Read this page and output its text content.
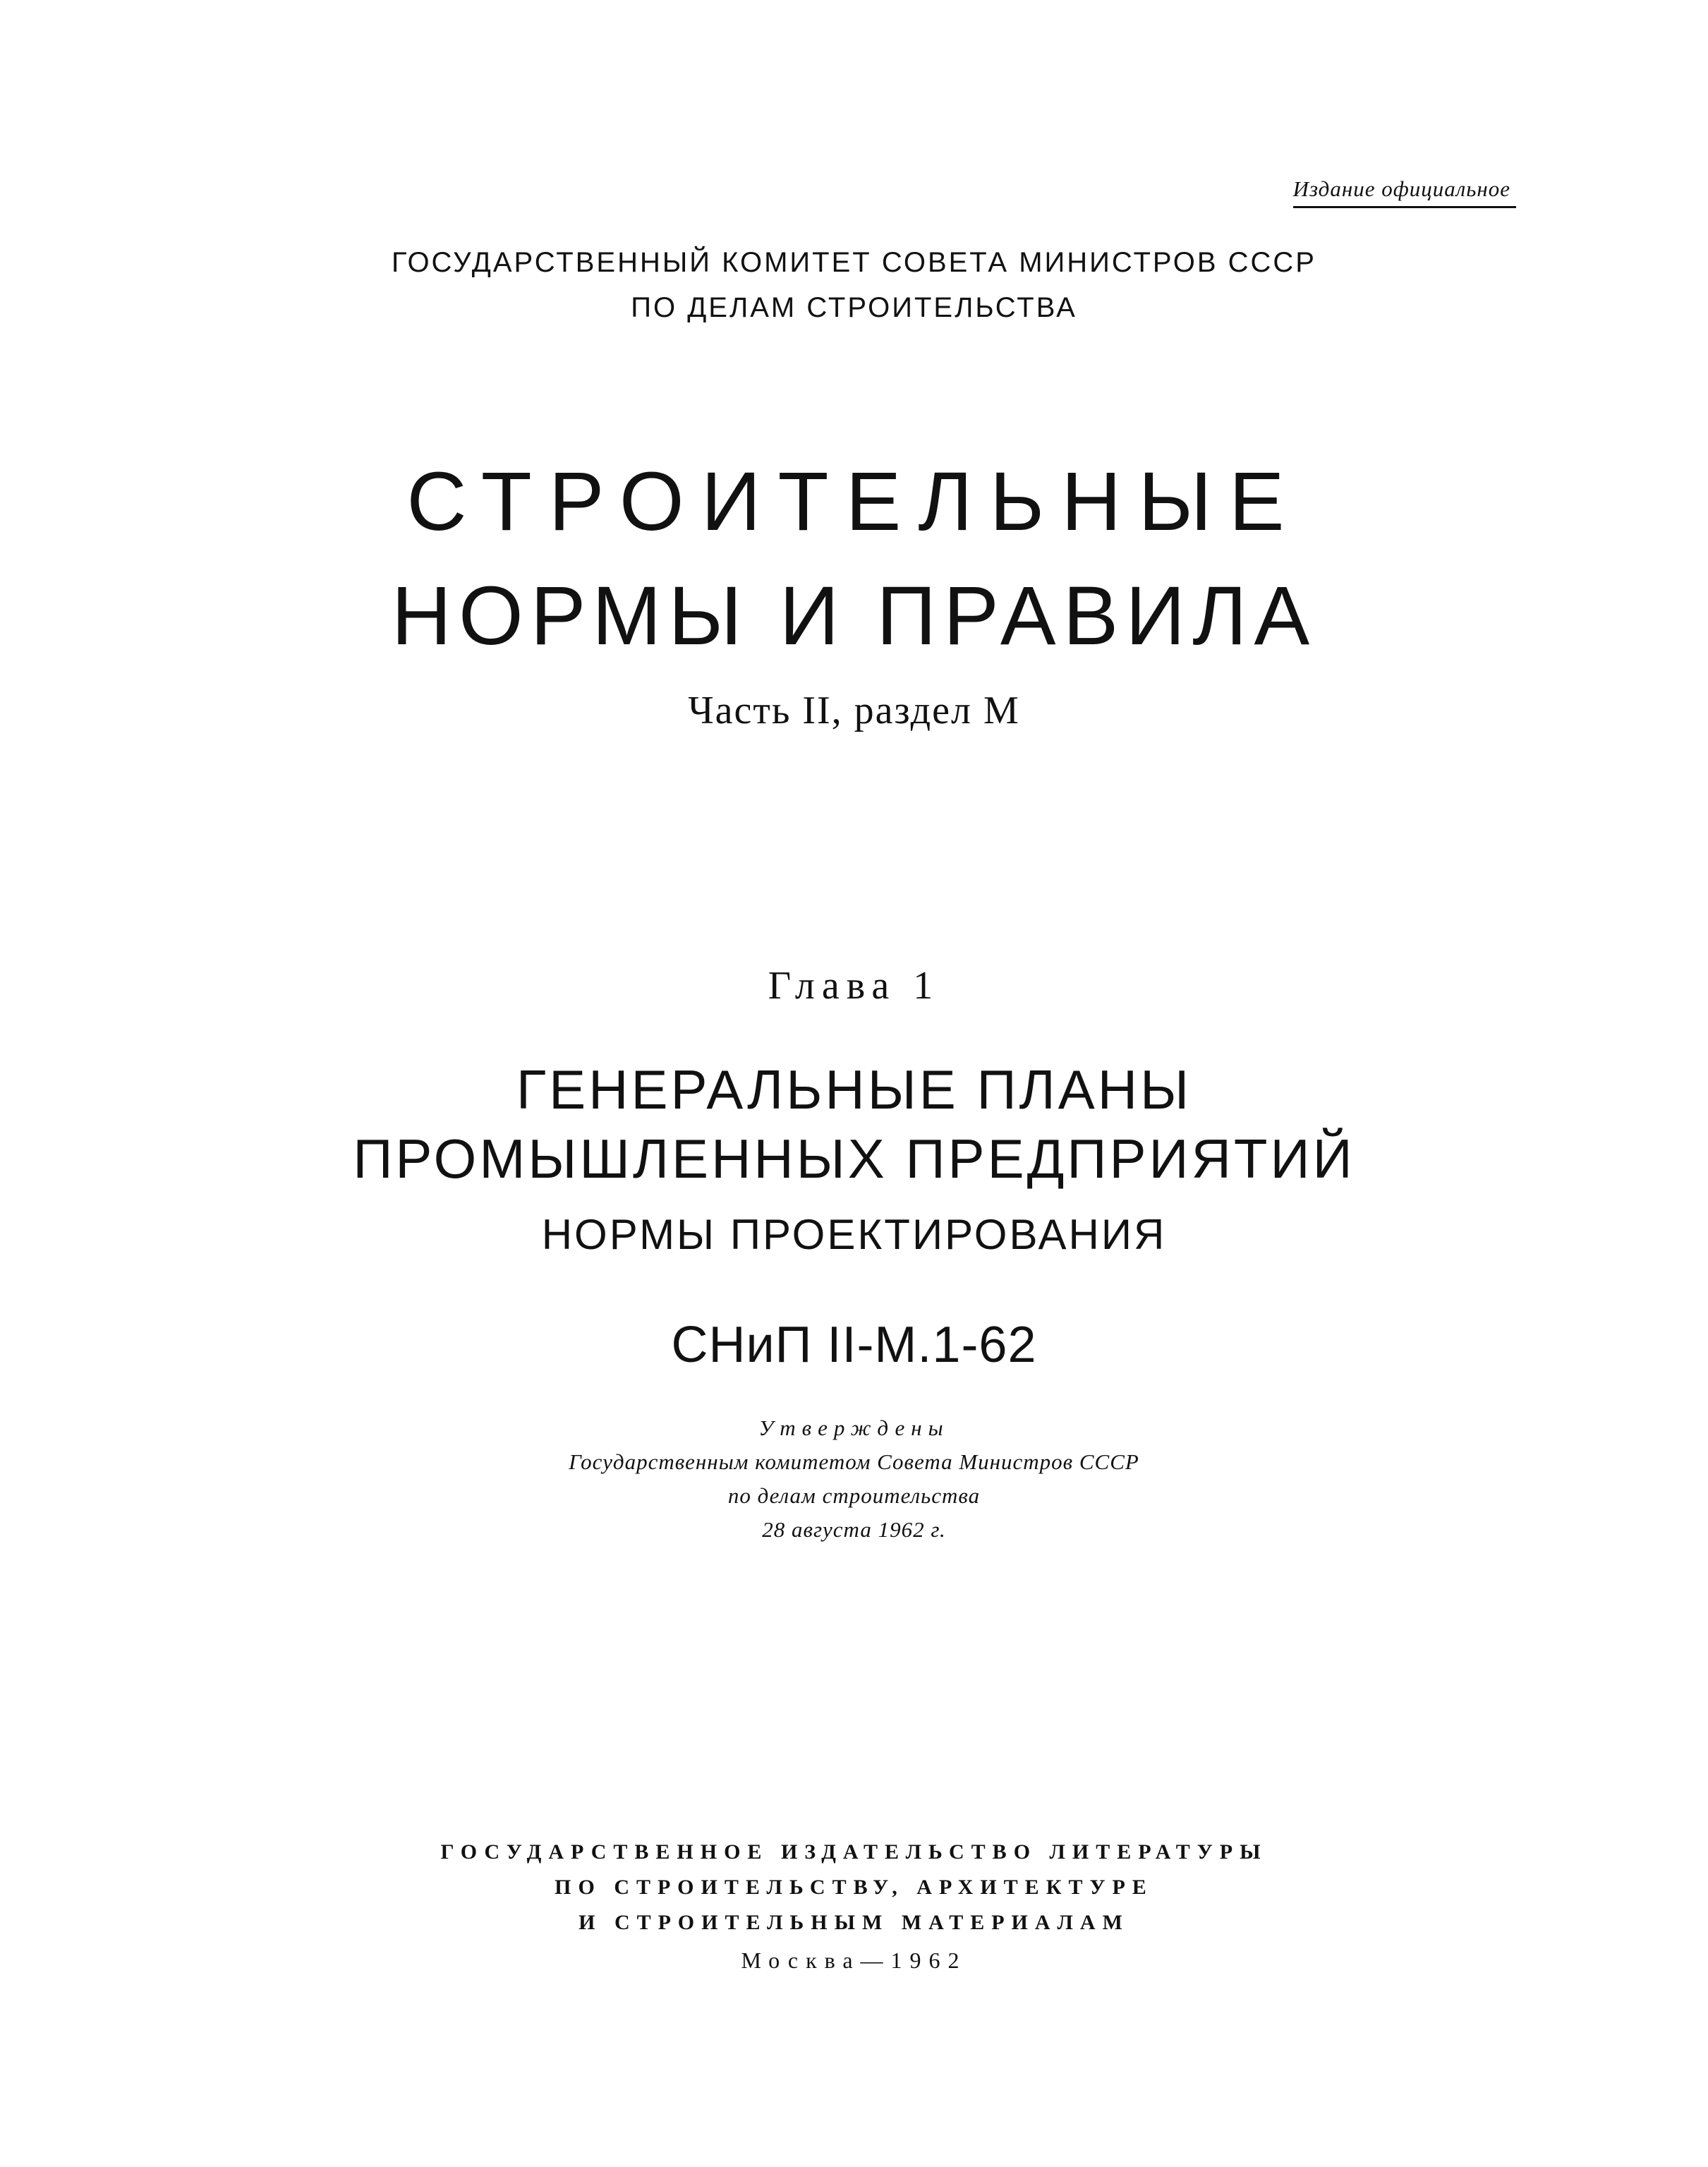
Издание официальное
ГОСУДАРСТВЕННЫЙ КОМИТЕТ СОВЕТА МИНИСТРОВ СССР
ПО ДЕЛАМ СТРОИТЕЛЬСТВА
СТРОИТЕЛЬНЫЕ
НОРМЫ И ПРАВИЛА
Часть II, раздел М
Глава 1
ГЕНЕРАЛЬНЫЕ ПЛАНЫ
ПРОМЫШЛЕННЫХ ПРЕДПРИЯТИЙ
НОРМЫ ПРОЕКТИРОВАНИЯ
СНиП II-М.1-62
Утверждены
Государственным комитетом Совета Министров СССР
по делам строительства
28 августа 1962 г.
ГОСУДАРСТВЕННОЕ ИЗДАТЕЛЬСТВО ЛИТЕРАТУРЫ
ПО СТРОИТЕЛЬСТВУ, АРХИТЕКТУРЕ
И СТРОИТЕЛЬНЫМ МАТЕРИАЛАМ
Москва—1962
